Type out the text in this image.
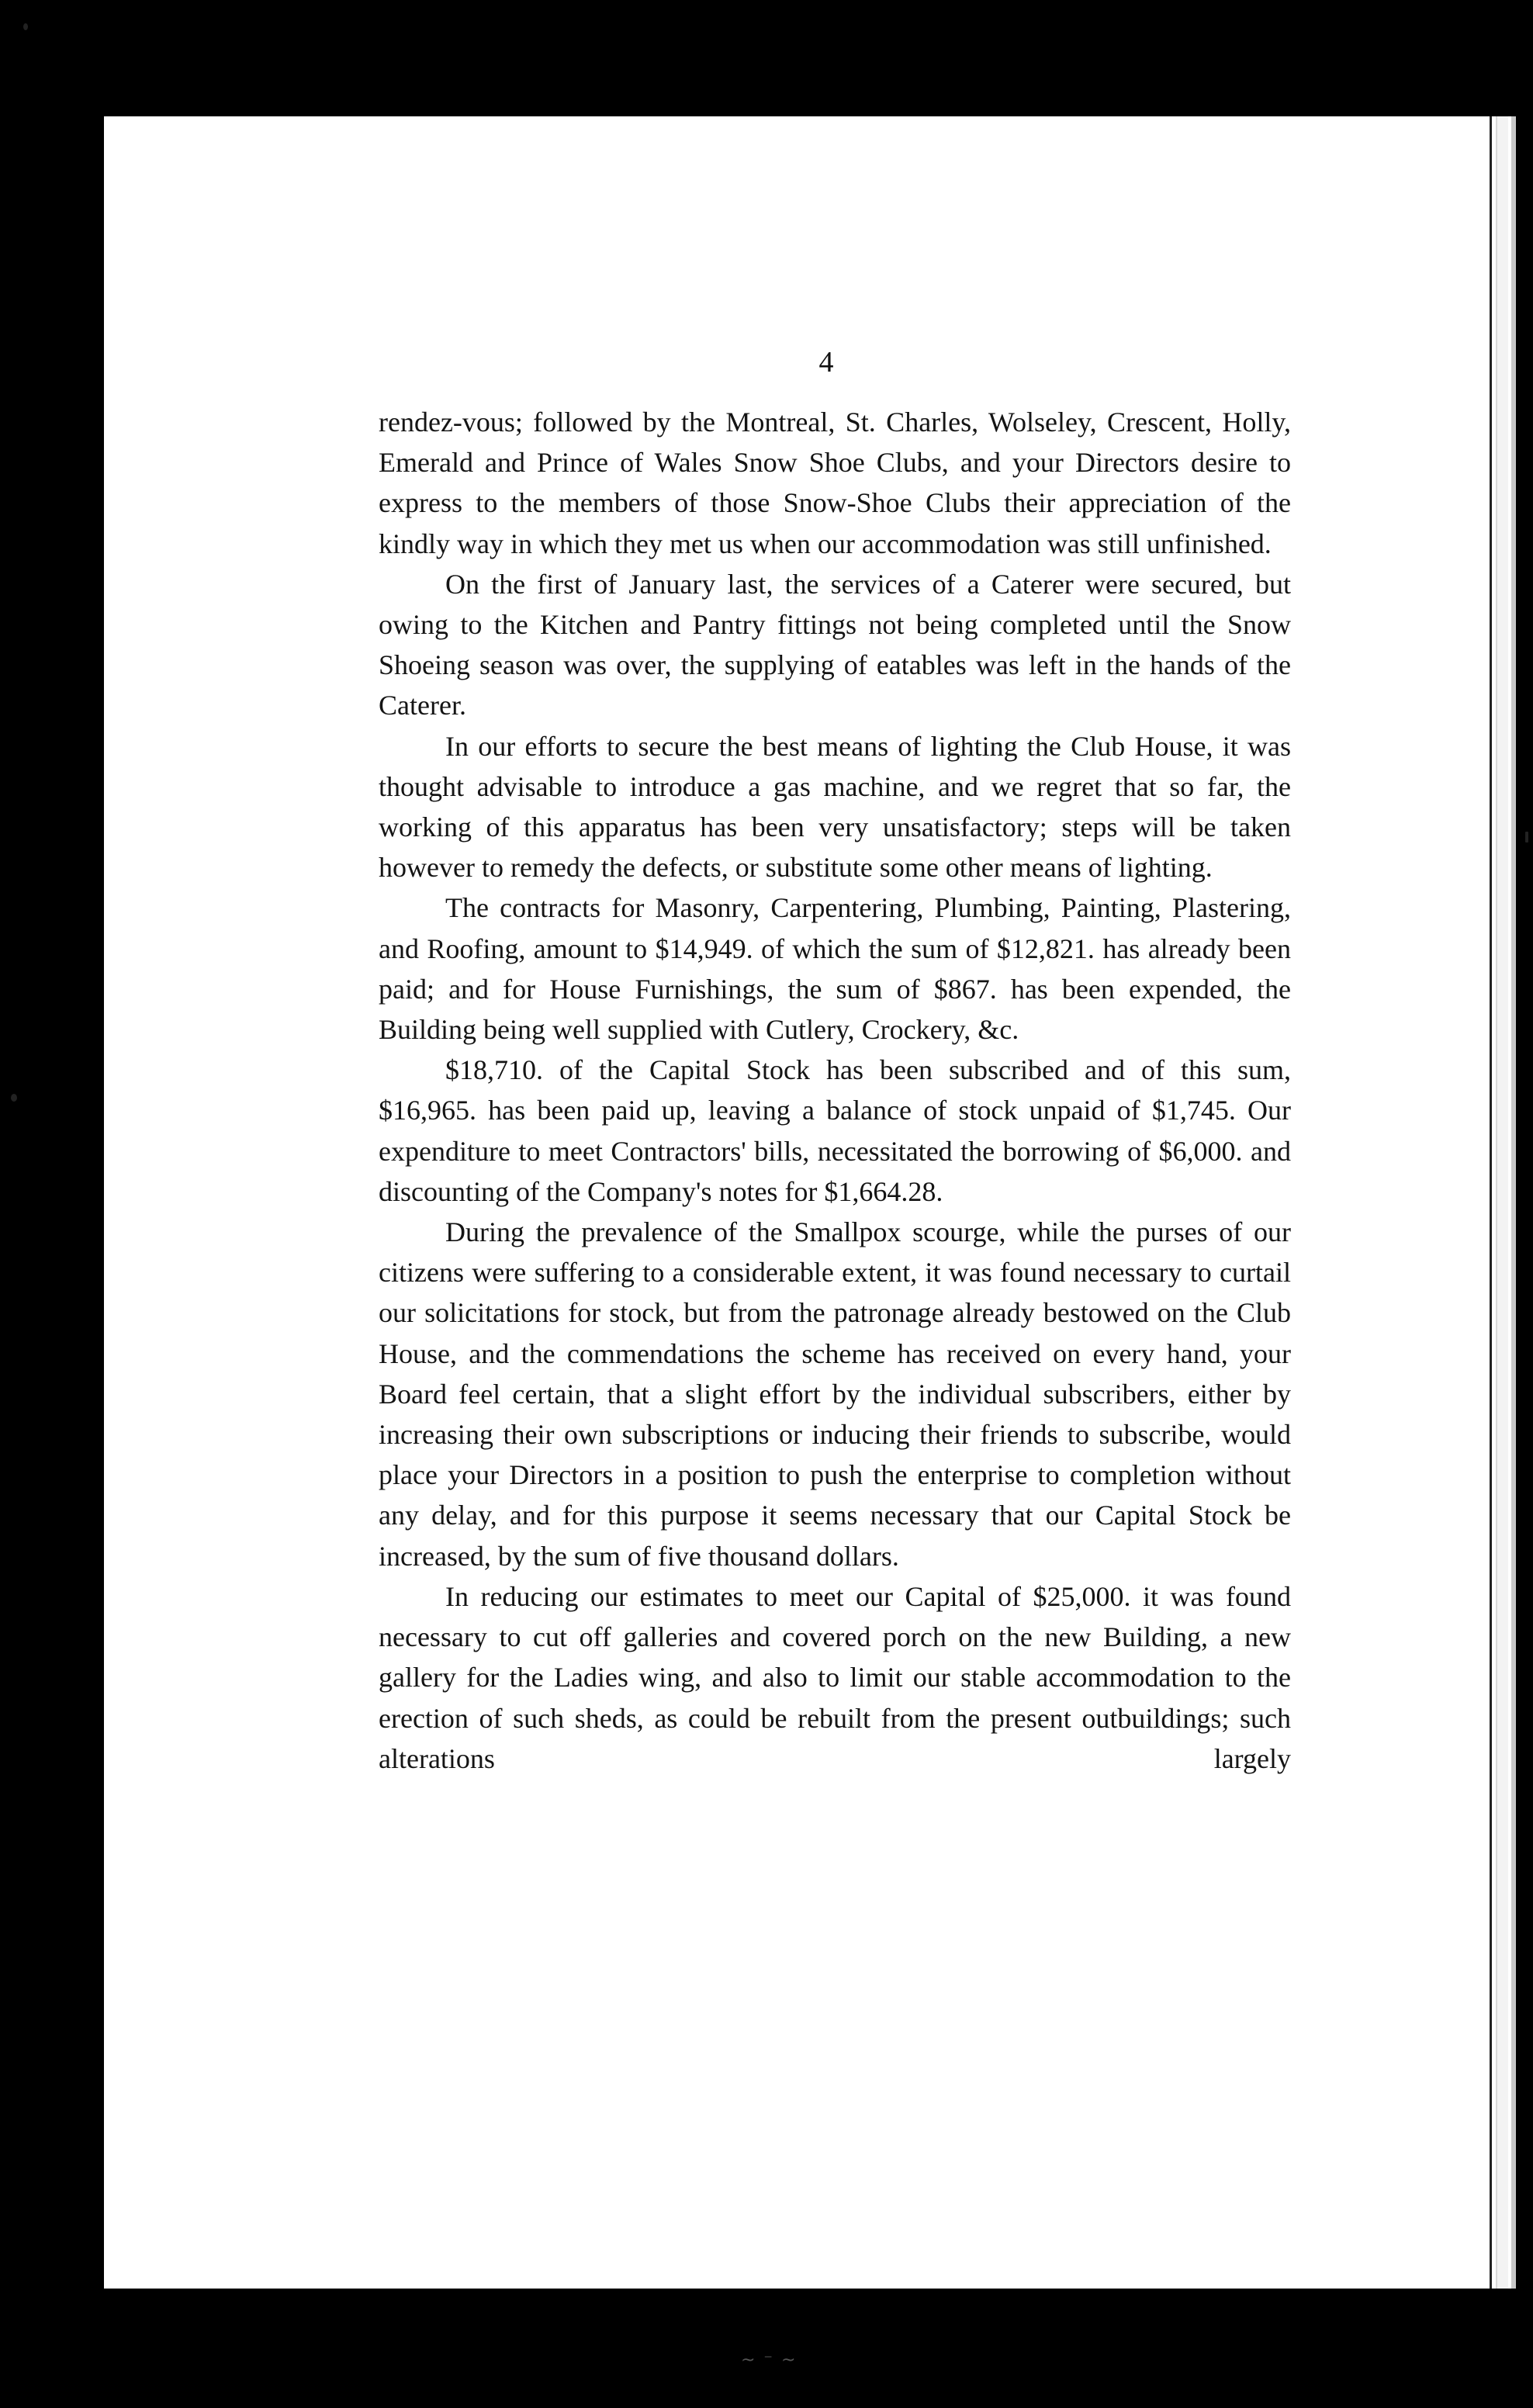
4

rendez-vous; followed by the Montreal, St. Charles, Wolseley, Crescent, Holly, Emerald and Prince of Wales Snow Shoe Clubs, and your Directors desire to express to the members of those Snow-Shoe Clubs their appreciation of the kindly way in which they met us when our accommodation was still unfinished.

On the first of January last, the services of a Caterer were secured, but owing to the Kitchen and Pantry fittings not being completed until the Snow Shoeing season was over, the supplying of eatables was left in the hands of the Caterer.

In our efforts to secure the best means of lighting the Club House, it was thought advisable to introduce a gas machine, and we regret that so far, the working of this apparatus has been very unsatisfactory; steps will be taken however to remedy the defects, or substitute some other means of lighting.

The contracts for Masonry, Carpentering, Plumbing, Painting, Plastering, and Roofing, amount to $14,949. of which the sum of $12,821. has already been paid; and for House Furnishings, the sum of $867. has been expended, the Building being well supplied with Cutlery, Crockery, &c.

$18,710. of the Capital Stock has been subscribed and of this sum, $16,965. has been paid up, leaving a balance of stock unpaid of $1,745. Our expenditure to meet Contractors' bills, necessitated the borrowing of $6,000. and discounting of the Company's notes for $1,664.28.

During the prevalence of the Smallpox scourge, while the purses of our citizens were suffering to a considerable extent, it was found necessary to curtail our solicitations for stock, but from the patronage already bestowed on the Club House, and the commendations the scheme has received on every hand, your Board feel certain, that a slight effort by the individual subscribers, either by increasing their own subscriptions or inducing their friends to subscribe, would place your Directors in a position to push the enterprise to completion without any delay, and for this purpose it seems necessary that our Capital Stock be increased, by the sum of five thousand dollars.

In reducing our estimates to meet our Capital of $25,000. it was found necessary to cut off galleries and covered porch on the new Building, a new gallery for the Ladies wing, and also to limit our stable accommodation to the erection of such sheds, as could be rebuilt from the present outbuildings; such alterations largely

~ ⁻ ~
